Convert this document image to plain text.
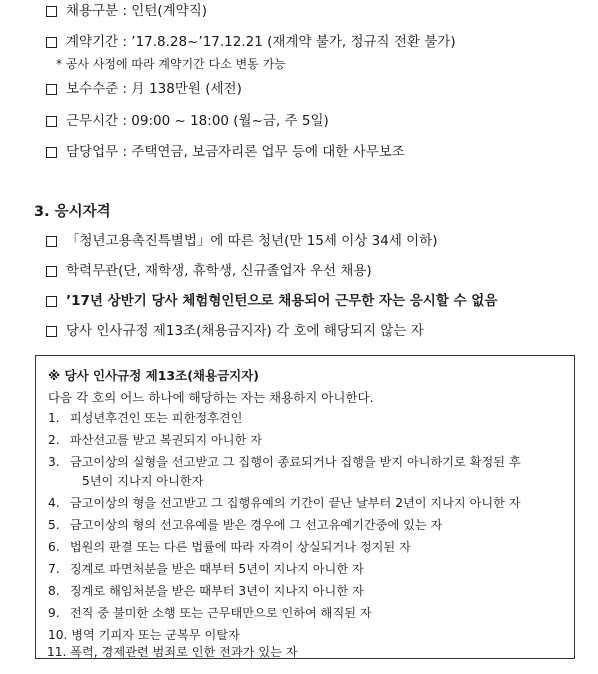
채용구분 : 인턴(계약직)
계약기간 : ’17.8.28~’17.12.21 (재계약 불가, 정규직 전환 불가)
* 공사 사정에 따라 계약기간 다소 변동 가능
보수수준 : 月 138만원 (세전)
근무시간 : 09:00 ~ 18:00 (월~금, 주 5일)
담당업무 : 주택연금, 보금자리론 업무 등에 대한 사무보조
3. 응시자격
「청년고용촉진특별법」에 따른 청년(만 15세 이상 34세 이하)
학력무관(단, 재학생, 휴학생, 신규졸업자 우선 채용)
’17년 상반기 당사 체험형인턴으로 채용되어 근무한 자는 응시할 수 없음
당사 인사규정 제13조(채용금지자) 각 호에 해당되지 않는 자
※ 당사 인사규정 제13조(채용금지자)
다음 각 호의 어느 하나에 해당하는 자는 채용하지 아니한다.
1. 피성년후견인 또는 피한정후견인
2. 파산선고를 받고 복권되지 아니한 자
3. 금고이상의 실형을 선고받고 그 집행이 종료되거나 집행을 받지 아니하기로 확정된 후
5년이 지나지 아니한자
4. 금고이상의 형을 선고받고 그 집행유예의 기간이 끝난 날부터 2년이 지나지 아니한 자
5. 금고이상의 형의 선고유예를 받은 경우에 그 선고유예기간중에 있는 자
6. 법원의 판결 또는 다른 법률에 따라 자격이 상실되거나 정지된 자
7. 징계로 파면처분을 받은 때부터 5년이 지나지 아니한 자
8. 징계로 해임처분을 받은 때부터 3년이 지나지 아니한 자
9. 전직 중 불미한 소행 또는 근무태만으로 인하여 해직된 자
10. 병역 기피자 또는 군복무 이탈자
11. 폭력, 경제관련 범죄로 인한 전과가 있는 자
